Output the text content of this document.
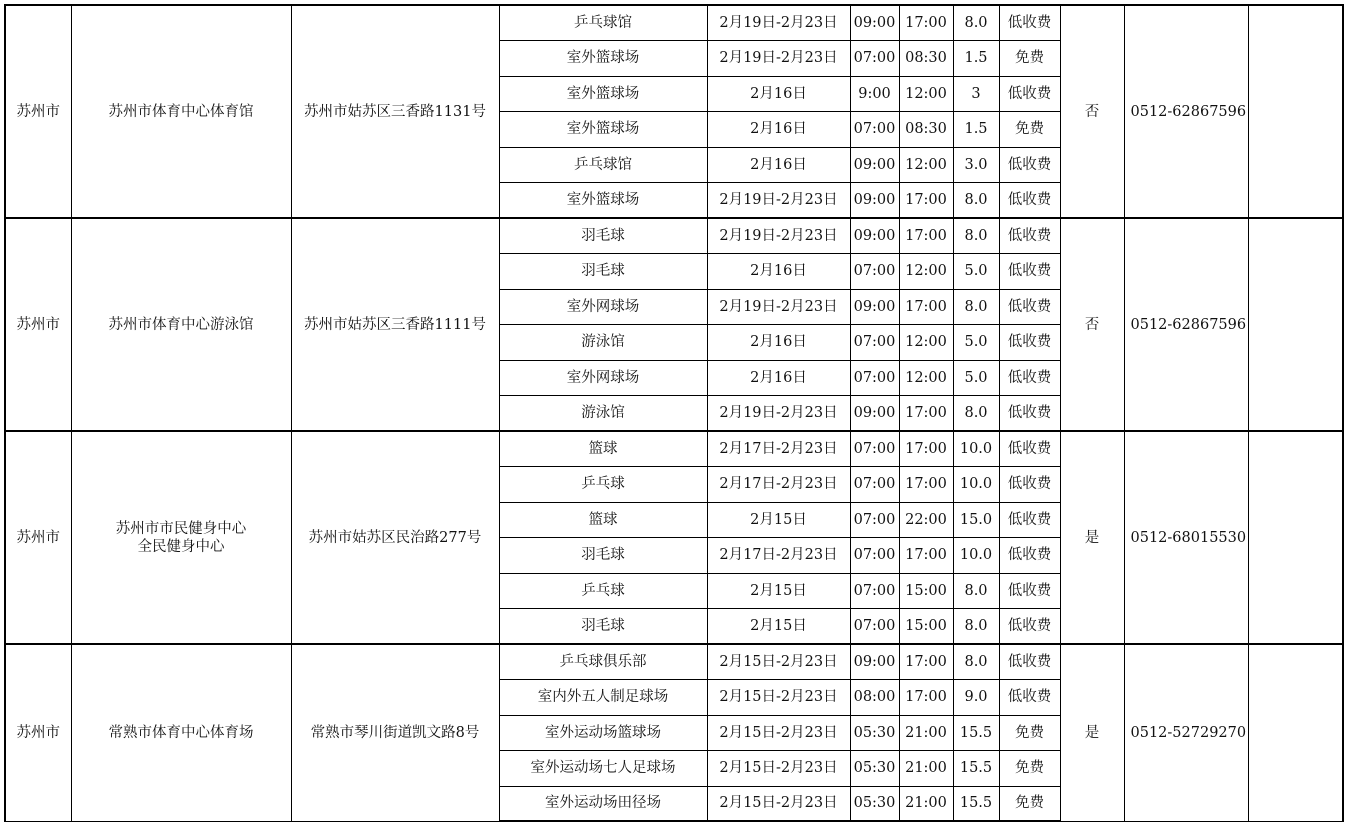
苏州市	苏州市体育中心体育馆	苏州市姑苏区三香路1131号	乒乓球馆	2月19日-2月23日	09:00	17:00	8.0	低收费	否	0512-62867596	
			室外篮球场	2月19日-2月23日	07:00	08:30	1.5	免费			
			室外篮球场	2月16日	9:00	12:00	3	低收费			
			室外篮球场	2月16日	07:00	08:30	1.5	免费			
			乒乓球馆	2月16日	09:00	12:00	3.0	低收费			
			室外篮球场	2月19日-2月23日	09:00	17:00	8.0	低收费			
苏州市	苏州市体育中心游泳馆	苏州市姑苏区三香路1111号	羽毛球	2月19日-2月23日	09:00	17:00	8.0	低收费	否	0512-62867596	
			羽毛球	2月16日	07:00	12:00	5.0	低收费			
			室外网球场	2月19日-2月23日	09:00	17:00	8.0	低收费			
			游泳馆	2月16日	07:00	12:00	5.0	低收费			
			室外网球场	2月16日	07:00	12:00	5.0	低收费			
			游泳馆	2月19日-2月23日	09:00	17:00	8.0	低收费			
苏州市	苏州市市民健身中心
全民健身中心	苏州市姑苏区民治路277号	篮球	2月17日-2月23日	07:00	17:00	10.0	低收费	是	0512-68015530	
			乒乓球	2月17日-2月23日	07:00	17:00	10.0	低收费			
			篮球	2月15日	07:00	22:00	15.0	低收费			
			羽毛球	2月17日-2月23日	07:00	17:00	10.0	低收费			
			乒乓球	2月15日	07:00	15:00	8.0	低收费			
			羽毛球	2月15日	07:00	15:00	8.0	低收费			
苏州市	常熟市体育中心体育场	常熟市琴川街道凯文路8号	乒乓球俱乐部	2月15日-2月23日	09:00	17:00	8.0	低收费	是	0512-52729270	
			室内外五人制足球场	2月15日-2月23日	08:00	17:00	9.0	低收费			
			室外运动场篮球场	2月15日-2月23日	05:30	21:00	15.5	免费			
			室外运动场七人足球场	2月15日-2月23日	05:30	21:00	15.5	免费			
			室外运动场田径场	2月15日-2月23日	05:30	21:00	15.5	免费			
